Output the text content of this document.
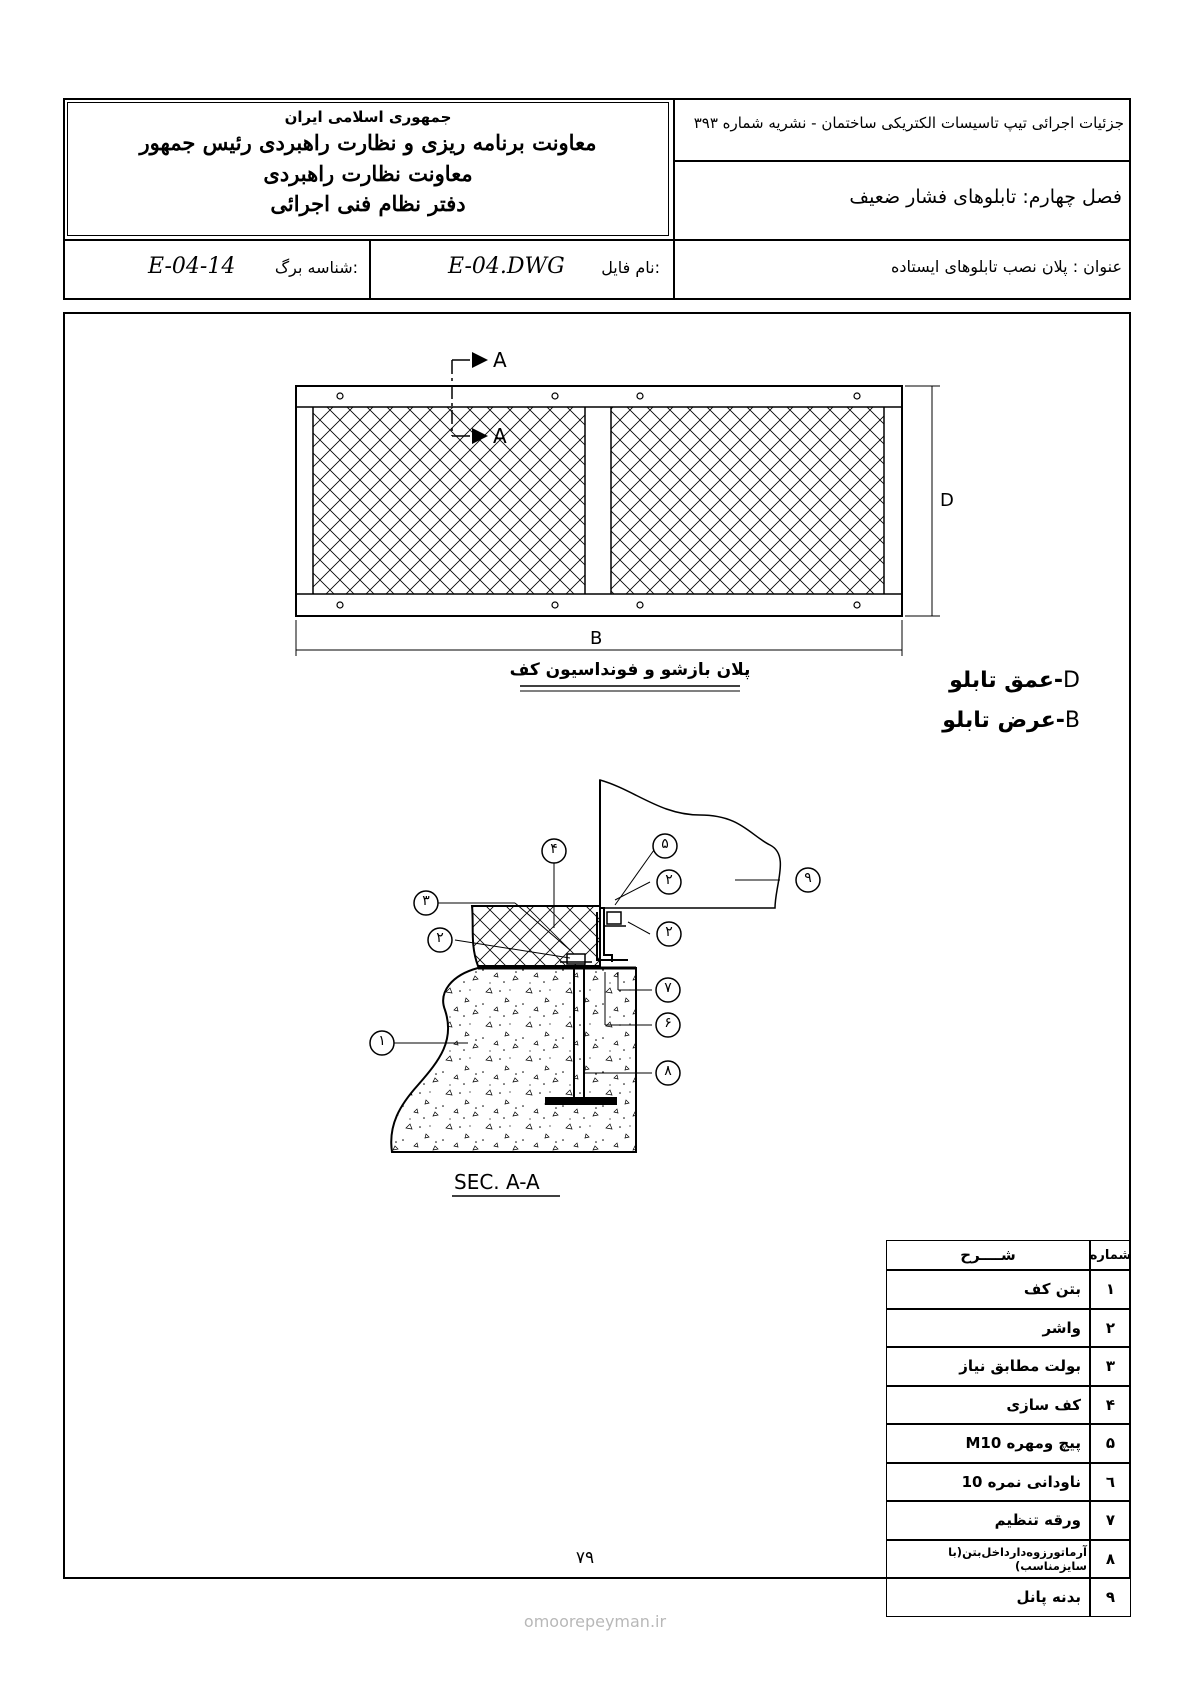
جمهوری اسلامی ایران
معاونت برنامه ریزی و نظارت راهبردی رئیس جمهور
معاونت نظارت راهبردی
دفتر نظام فنی اجرائی
جزئیات اجرائی تیپ تاسیسات الکتریکی ساختمان - نشریه شماره ۳۹۳
فصل چهارم: تابلوهای فشار ضعیف
عنوان : پلان نصب تابلوهای ایستاده
نام فایل:
E-04.DWG
شناسه برگ:
E-04-14
A
A
D
B
پلان بازشو و فونداسیون کف	D-عمق تابلو
B-عرض تابلو
۱
۲
۳
۴	۵
۲
۲
۷
۶
۸
۹
SEC. A-A
شــــرح	شماره
بتن کف	۱
واشر	۲
بولت مطابق نیاز	۳
کف سازی	۴
پیچ ومهره M10	۵
ناودانی نمره 10	٦
ورقه تنظیم	۷
آرماتورزوه‌دارداخل‌بتن(با سایزمناسب)	۸
بدنه پانل	۹
۷۹
omoorepeyman.ir
